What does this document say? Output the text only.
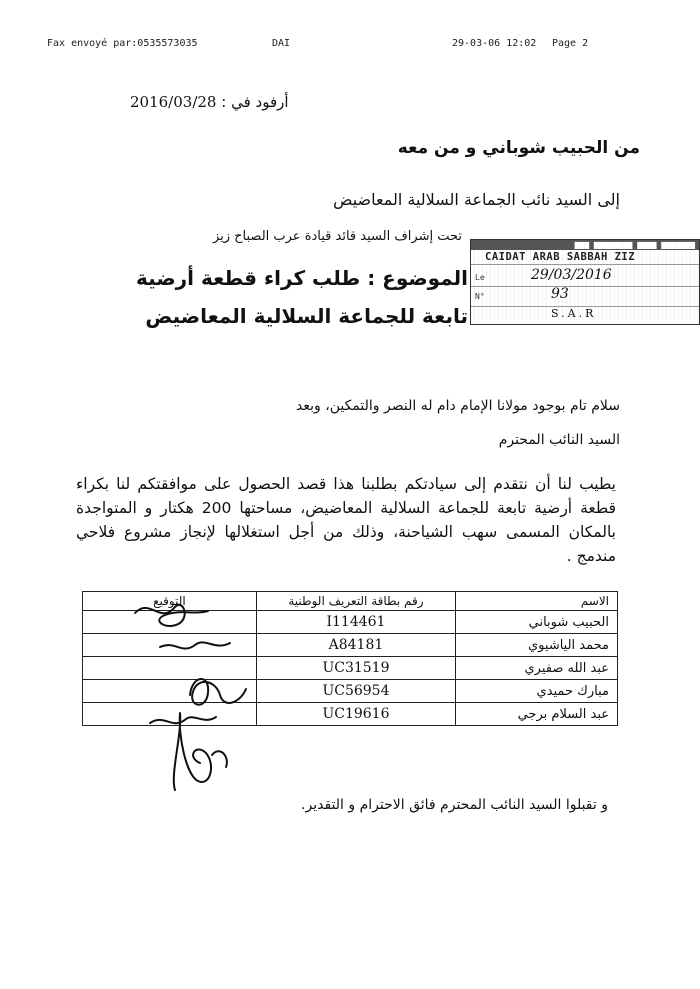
Fax envoyé par:0535573035	DAI	29-03-06 12:02 Page 2
أرفود في : 2016/03/28
من الحبيب شوباني و من معه
إلى السيد نائب الجماعة السلالية المعاضيض
تحت إشراف السيد قائد قيادة عرب الصباح زيز
الموضوع : طلب كراء قطعة أرضية
تابعة للجماعة السلالية المعاضيض
▆▆▆▆▆▆▆ ▆▆▆▆ ▆▆▆▆▆▆▆▆ ▆▆▆
CAIDAT ARAB SABBAH ZIZ
Le	29/03/2016
N°	93
S.A.R
سلام تام بوجود مولانا الإمام دام له النصر والتمكين، وبعد
السيد النائب المحترم
يطيب لنا أن نتقدم إلى سيادتكم بطلبنا هذا قصد الحصول على موافقتكم لنا بكراء قطعة أرضية تابعة للجماعة السلالية المعاضيض، مساحتها 200 هكتار و المتواجدة بالمكان المسمى سهب الشياحنة، وذلك من أجل استغلالها لإنجاز مشروع فلاحي مندمج .
الاسم	رقم بطاقة التعريف الوطنية	التوقيع
الحبيب شوباني	I114461	
محمد الياشيوي	A84181	
عبد الله صفيري	UC31519	
مبارك حميدي	UC56954	
عبد السلام برجي	UC19616	
و تقبلوا السيد النائب المحترم فائق الاحترام و التقدير.
